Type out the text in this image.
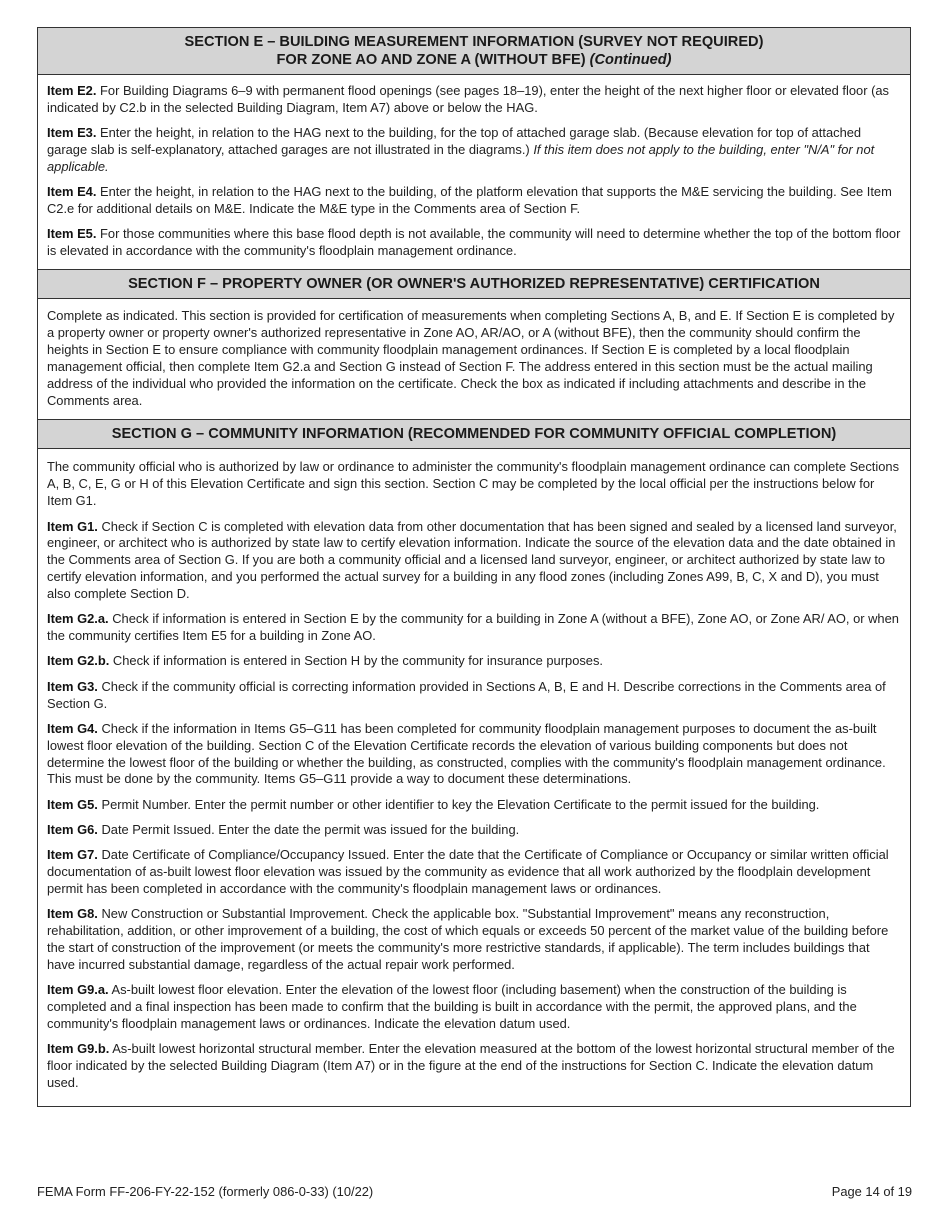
SECTION E – BUILDING MEASUREMENT INFORMATION (SURVEY NOT REQUIRED)
FOR ZONE AO AND ZONE A (WITHOUT BFE) (Continued)

Item E2. For Building Diagrams 6–9 with permanent flood openings (see pages 18–19), enter the height of the next higher floor or elevated floor (as indicated by C2.b in the selected Building Diagram, Item A7) above or below the HAG.

Item E3. Enter the height, in relation to the HAG next to the building, for the top of attached garage slab. (Because elevation for top of attached garage slab is self-explanatory, attached garages are not illustrated in the diagrams.) If this item does not apply to the building, enter "N/A" for not applicable.

Item E4. Enter the height, in relation to the HAG next to the building, of the platform elevation that supports the M&E servicing the building. See Item C2.e for additional details on M&E. Indicate the M&E type in the Comments area of Section F.

Item E5. For those communities where this base flood depth is not available, the community will need to determine whether the top of the bottom floor is elevated in accordance with the community's floodplain management ordinance.

SECTION F – PROPERTY OWNER (OR OWNER'S AUTHORIZED REPRESENTATIVE) CERTIFICATION

Complete as indicated. This section is provided for certification of measurements when completing Sections A, B, and E. If Section E is completed by a property owner or property owner's authorized representative in Zone AO, AR/AO, or A (without BFE), then the community should confirm the heights in Section E to ensure compliance with community floodplain management ordinances. If Section E is completed by a local floodplain management official, then complete Item G2.a and Section G instead of Section F. The address entered in this section must be the actual mailing address of the individual who provided the information on the certificate. Check the box as indicated if including attachments and describe in the Comments area.

SECTION G – COMMUNITY INFORMATION (RECOMMENDED FOR COMMUNITY OFFICIAL COMPLETION)

The community official who is authorized by law or ordinance to administer the community's floodplain management ordinance can complete Sections A, B, C, E, G or H of this Elevation Certificate and sign this section. Section C may be completed by the local official per the instructions below for Item G1.

Item G1. Check if Section C is completed with elevation data from other documentation that has been signed and sealed by a licensed land surveyor, engineer, or architect who is authorized by state law to certify elevation information. Indicate the source of the elevation data and the date obtained in the Comments area of Section G. If you are both a community official and a licensed land surveyor, engineer, or architect authorized by state law to certify elevation information, and you performed the actual survey for a building in any flood zones (including Zones A99, B, C, X and D), you must also complete Section D.

Item G2.a. Check if information is entered in Section E by the community for a building in Zone A (without a BFE), Zone AO, or Zone AR/ AO, or when the community certifies Item E5 for a building in Zone AO.

Item G2.b. Check if information is entered in Section H by the community for insurance purposes.

Item G3. Check if the community official is correcting information provided in Sections A, B, E and H. Describe corrections in the Comments area of Section G.

Item G4. Check if the information in Items G5–G11 has been completed for community floodplain management purposes to document the as-built lowest floor elevation of the building. Section C of the Elevation Certificate records the elevation of various building components but does not determine the lowest floor of the building or whether the building, as constructed, complies with the community's floodplain management ordinance. This must be done by the community. Items G5–G11 provide a way to document these determinations.

Item G5. Permit Number. Enter the permit number or other identifier to key the Elevation Certificate to the permit issued for the building.

Item G6. Date Permit Issued. Enter the date the permit was issued for the building.

Item G7. Date Certificate of Compliance/Occupancy Issued. Enter the date that the Certificate of Compliance or Occupancy or similar written official documentation of as-built lowest floor elevation was issued by the community as evidence that all work authorized by the floodplain development permit has been completed in accordance with the community's floodplain management laws or ordinances.

Item G8. New Construction or Substantial Improvement. Check the applicable box. "Substantial Improvement" means any reconstruction, rehabilitation, addition, or other improvement of a building, the cost of which equals or exceeds 50 percent of the market value of the building before the start of construction of the improvement (or meets the community's more restrictive standards, if applicable). The term includes buildings that have incurred substantial damage, regardless of the actual repair work performed.

Item G9.a. As-built lowest floor elevation. Enter the elevation of the lowest floor (including basement) when the construction of the building is completed and a final inspection has been made to confirm that the building is built in accordance with the permit, the approved plans, and the community's floodplain management laws or ordinances. Indicate the elevation datum used.

Item G9.b. As-built lowest horizontal structural member. Enter the elevation measured at the bottom of the lowest horizontal structural member of the floor indicated by the selected Building Diagram (Item A7) or in the figure at the end of the instructions for Section C. Indicate the elevation datum used.

FEMA Form FF-206-FY-22-152 (formerly 086-0-33) (10/22)	Page 14 of 19
